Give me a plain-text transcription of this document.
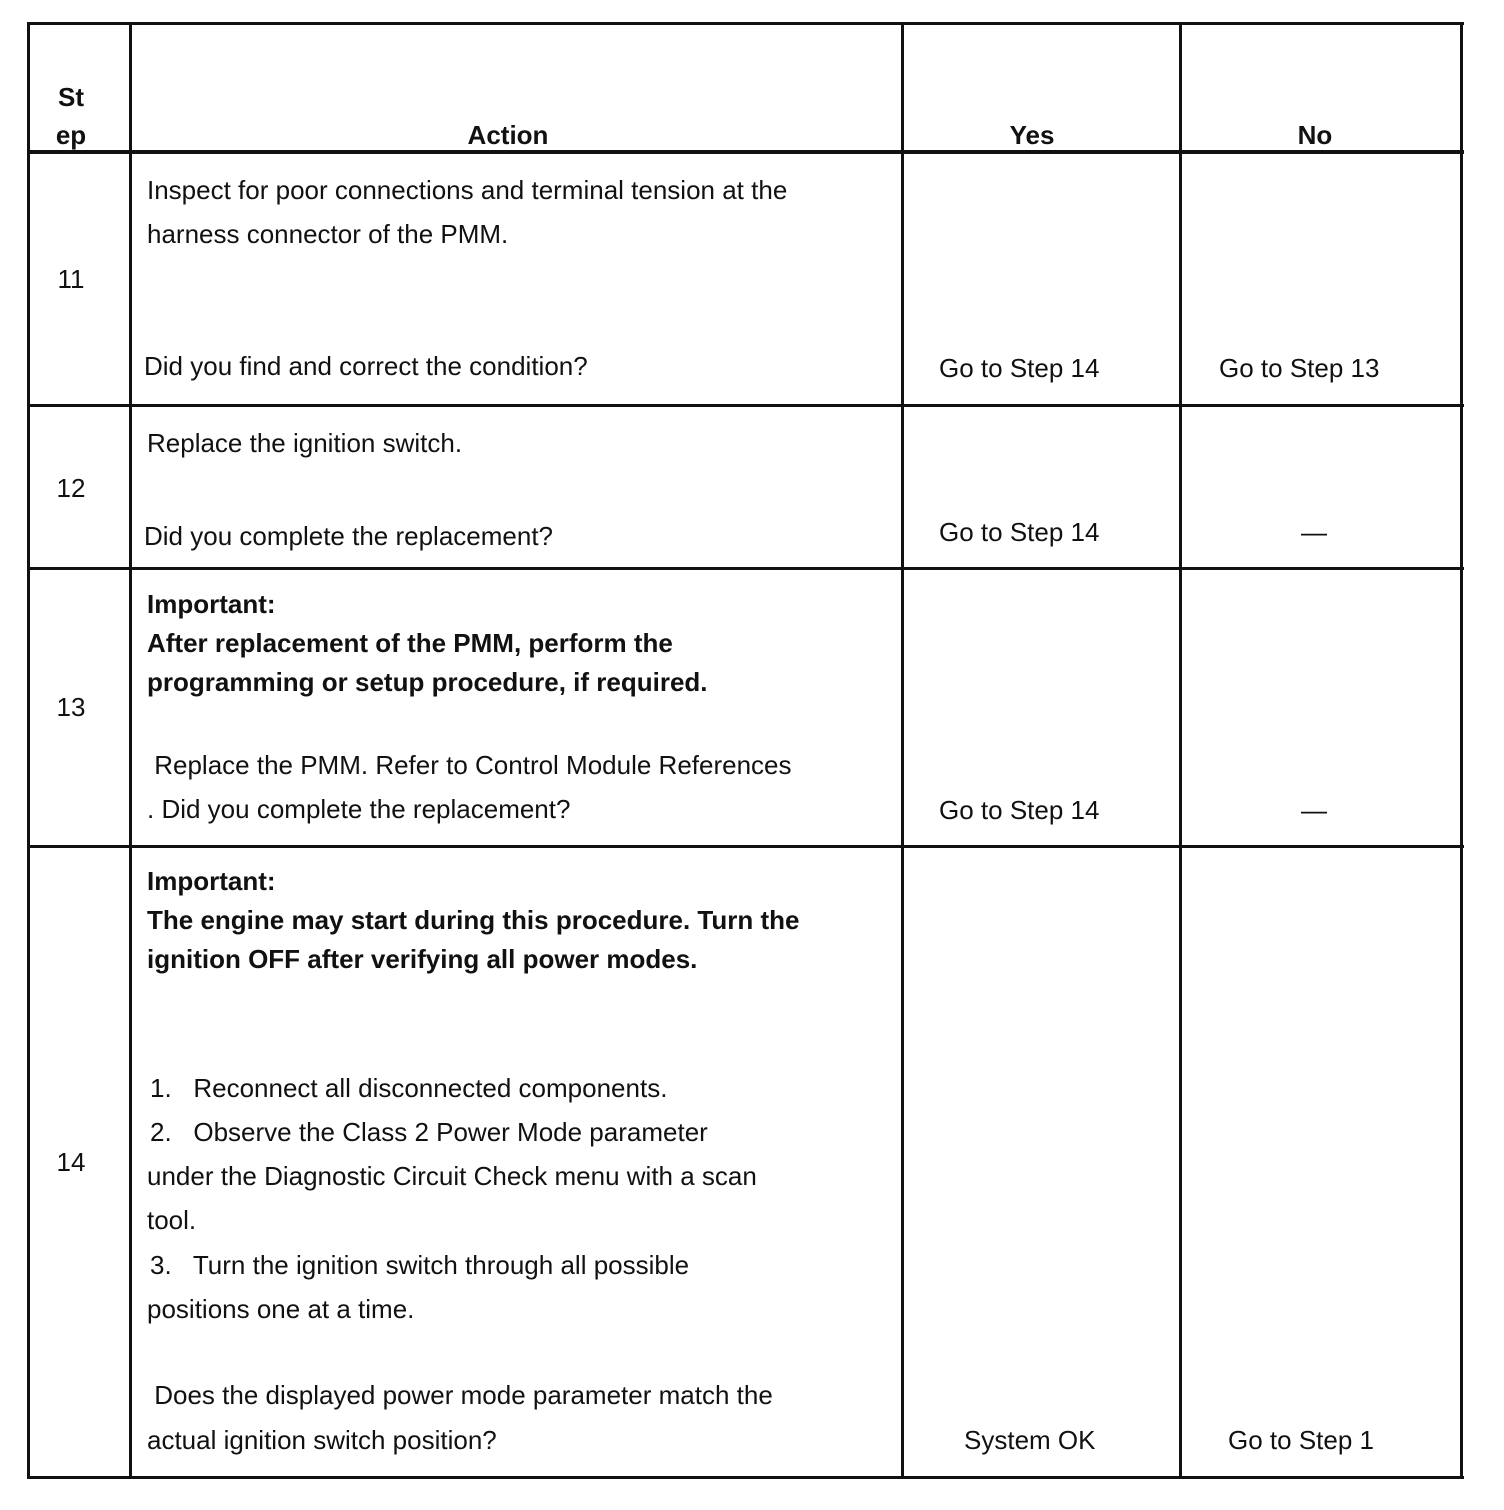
St
ep	Action	Yes	No
11
Inspect for poor connections and terminal tension at the
harness connector of the PMM.
Did you find and correct the condition?	Go to Step 14	Go to Step 13
12
Replace the ignition switch.
Did you complete the replacement?	Go to Step 14	—
13
Important:
After replacement of the PMM, perform the
programming or setup procedure, if required.
Replace the PMM. Refer to Control Module References
. Did you complete the replacement?	Go to Step 14	—
14
Important:
The engine may start during this procedure. Turn the
ignition OFF after verifying all power modes.
1.   Reconnect all disconnected components.
2.   Observe the Class 2 Power Mode parameter
under the Diagnostic Circuit Check menu with a scan
tool.
3.   Turn the ignition switch through all possible
positions one at a time.
Does the displayed power mode parameter match the
actual ignition switch position?	System OK	Go to Step 1
